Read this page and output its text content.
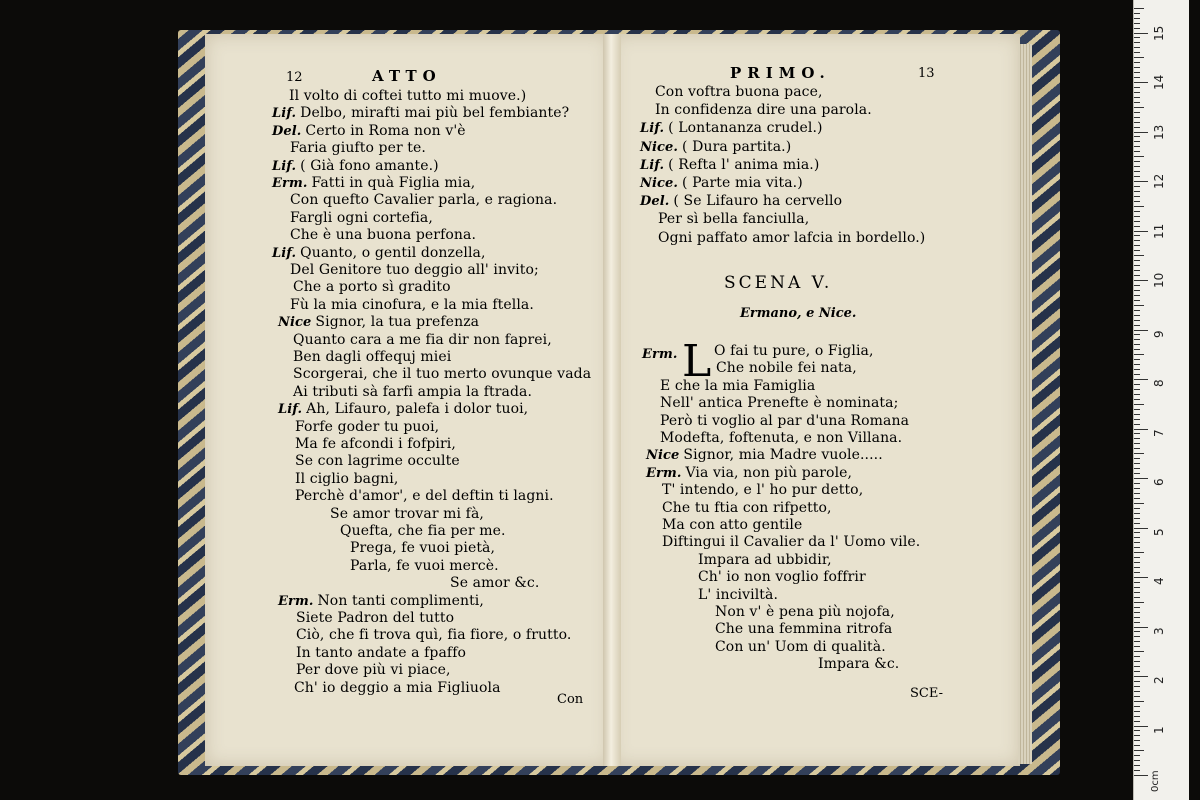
12	ATTO	PRIMO.	13
Il volto di coftei tutto mi muove.)
Lif. Delbo, mirafti mai più bel fembiante?
Del. Certo in Roma non v'è
Faria giufto per te.
Lif. ( Già fono amante.)
Erm. Fatti in quà Figlia mia,
Con quefto Cavalier parla, e ragiona.
Fargli ogni cortefia,
Che è una buona perfona.
Lif. Quanto, o gentil donzella,
Del Genitore tuo deggio all' invito;
Che a porto sì gradito
Fù la mia cinofura, e la mia ftella.
Nice Signor, la tua prefenza
Quanto cara a me fia dir non faprei,
Ben dagli offequj miei
Scorgerai, che il tuo merto ovunque vada
Ai tributi sà farfi ampia la ftrada.
Lif. Ah, Lifauro, palefa i dolor tuoi,
Forfe goder tu puoi,
Ma fe afcondi i fofpiri,
Se con lagrime occulte
Il ciglio bagni,
Perchè d'amor', e del deftin ti lagni.
Se amor trovar mi fà,
Quefta, che fia per me.
Prega, fe vuoi pietà,
Parla, fe vuoi mercè.
Se amor &c.
Erm. Non tanti complimenti,
Siete Padron del tutto
Ciò, che fi trova quì, fia fiore, o frutto.
In tanto andate a fpaffo
Per dove più vi piace,
Ch' io deggio a mia Figliuola
Con voftra buona pace,
In confidenza dire una parola.
Lif. ( Lontananza crudel.)
Nice. ( Dura partita.)
Lif. ( Refta l' anima mia.)
Nice. ( Parte mia vita.)
Del. ( Se Lifauro ha cervello
Per sì bella fanciulla,
Ogni paffato amor lafcia in bordello.)
SCENA V.
Ermano, e Nice.
Erm. L
Con	SCE-
1
2
3
4
5
6
7
8
9
10
11
12
13
14
15
0cm
O fai tu pure, o Figlia,
Che nobile fei nata,
E che la mia Famiglia
Nell' antica Prenefte è nominata;
Però ti voglio al par d'una Romana
Modefta, foftenuta, e non Villana.
Nice Signor, mia Madre vuole.....
Erm. Via via, non più parole,
T' intendo, e l' ho pur detto,
Che tu ftia con rifpetto,
Ma con atto gentile
Diftingui il Cavalier da l' Uomo vile.
Impara ad ubbidir,
Ch' io non voglio foffrir
L' inciviltà.
Non v' è pena più nojofa,
Che una femmina ritrofa
Con un' Uom di qualità.
Impara &c.
